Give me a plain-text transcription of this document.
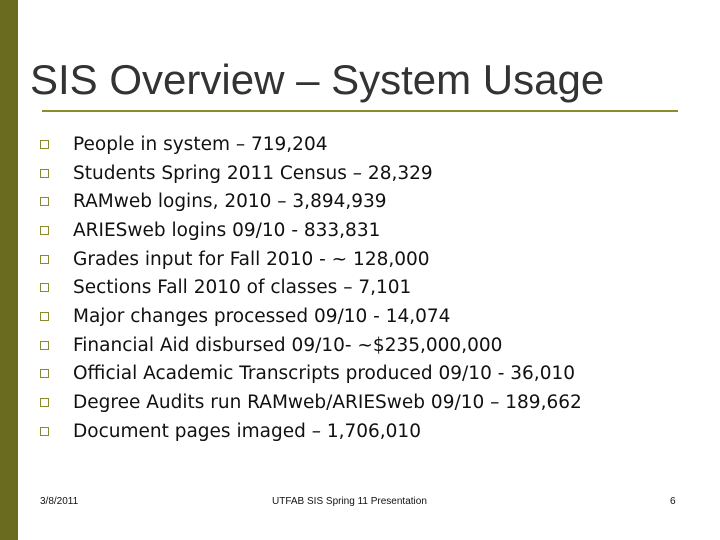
SIS Overview – System Usage
People in system – 719,204
Students Spring 2011 Census – 28,329
RAMweb logins, 2010 – 3,894,939
ARIESweb logins 09/10 - 833,831
Grades input for Fall 2010 - ~ 128,000
Sections Fall 2010 of classes – 7,101
Major changes processed 09/10 - 14,074
Financial Aid disbursed 09/10- ~$235,000,000
Official Academic Transcripts produced 09/10 - 36,010
Degree Audits run RAMweb/ARIESweb 09/10 – 189,662
Document pages imaged – 1,706,010
3/8/2011	UTFAB SIS Spring 11 Presentation	6
